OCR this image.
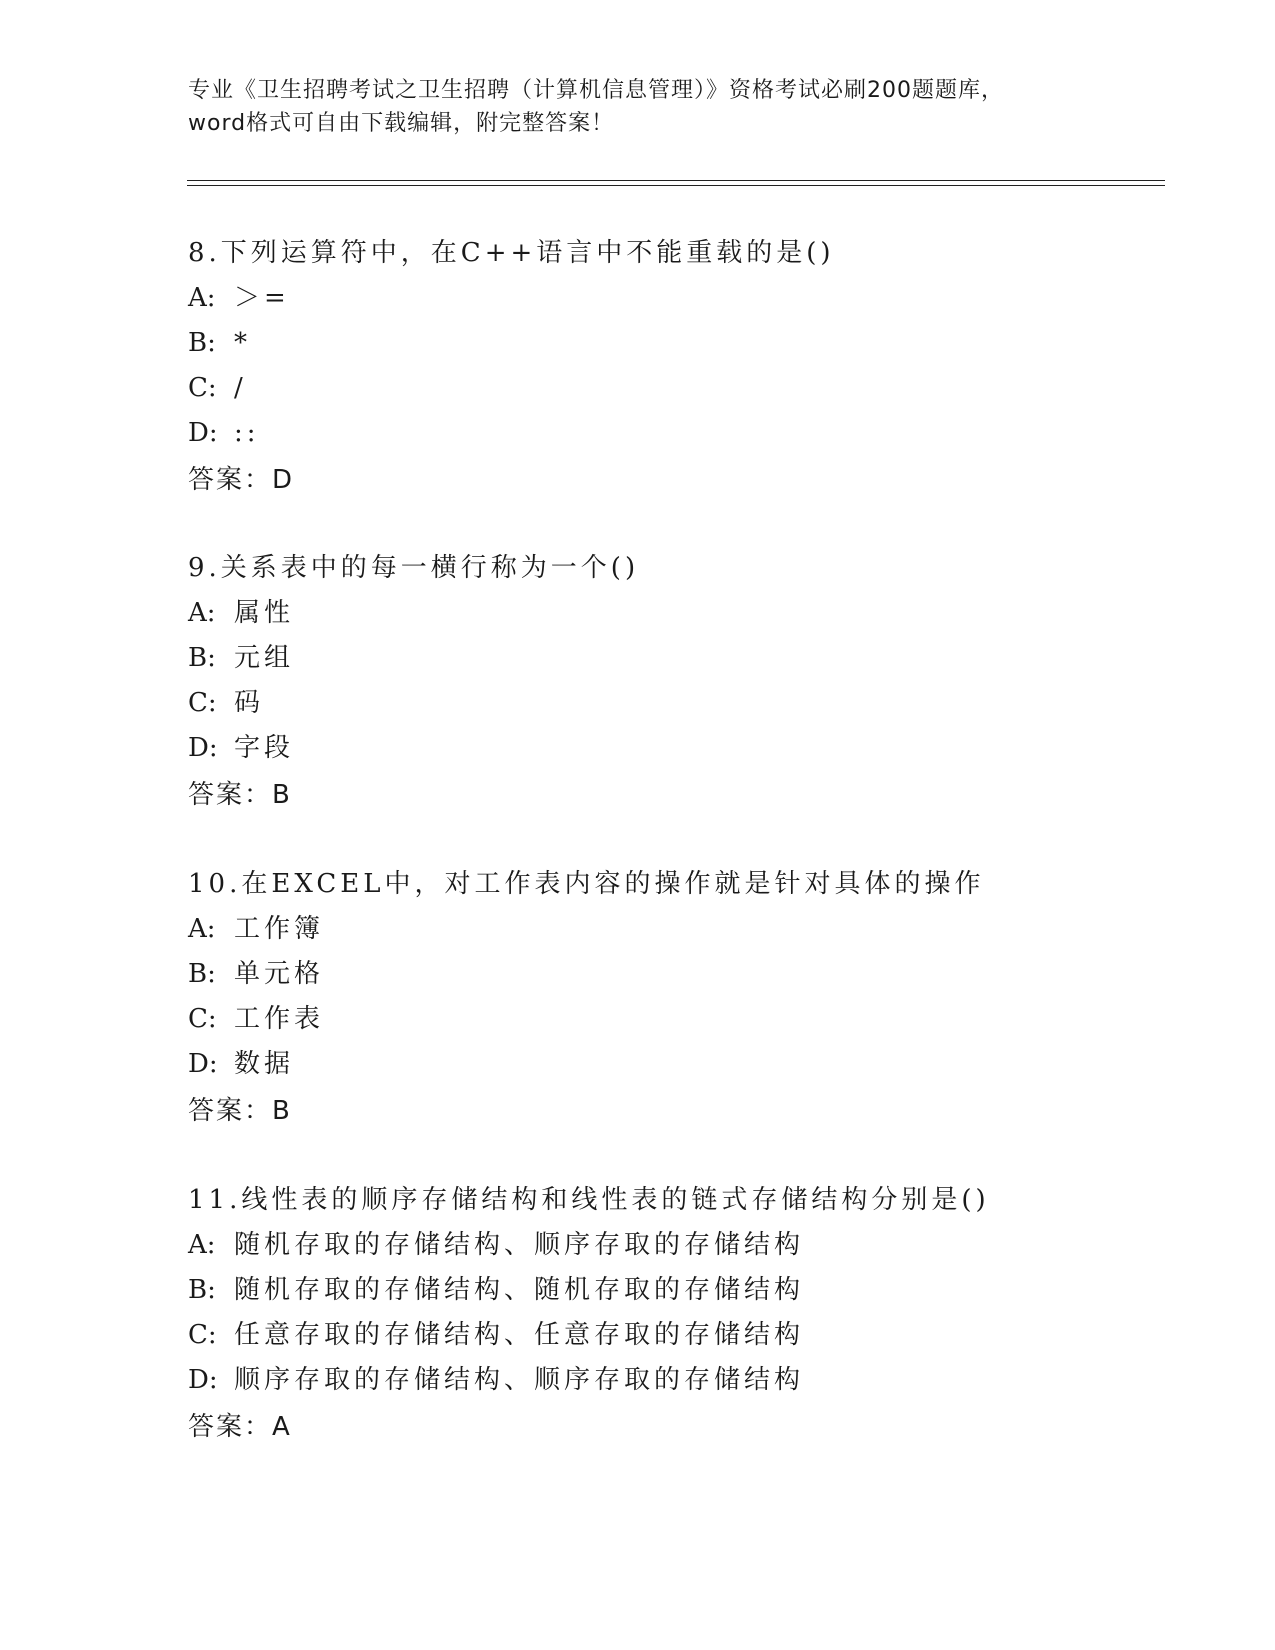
专业《卫生招聘考试之卫生招聘（计算机信息管理）》资格考试必刷200题题库，
word格式可自由下载编辑，附完整答案！
8.下列运算符中，在C++语言中不能重载的是()
A: ＞=
B: *
C: /
D: ::
答案：D
9.关系表中的每一横行称为一个()
A: 属性
B: 元组
C: 码
D: 字段
答案：B
10.在EXCEL中，对工作表内容的操作就是针对具体的操作
A: 工作簿
B: 单元格
C: 工作表
D: 数据
答案：B
11.线性表的顺序存储结构和线性表的链式存储结构分别是()
A: 随机存取的存储结构、顺序存取的存储结构
B: 随机存取的存储结构、随机存取的存储结构
C: 任意存取的存储结构、任意存取的存储结构
D: 顺序存取的存储结构、顺序存取的存储结构
答案：A
